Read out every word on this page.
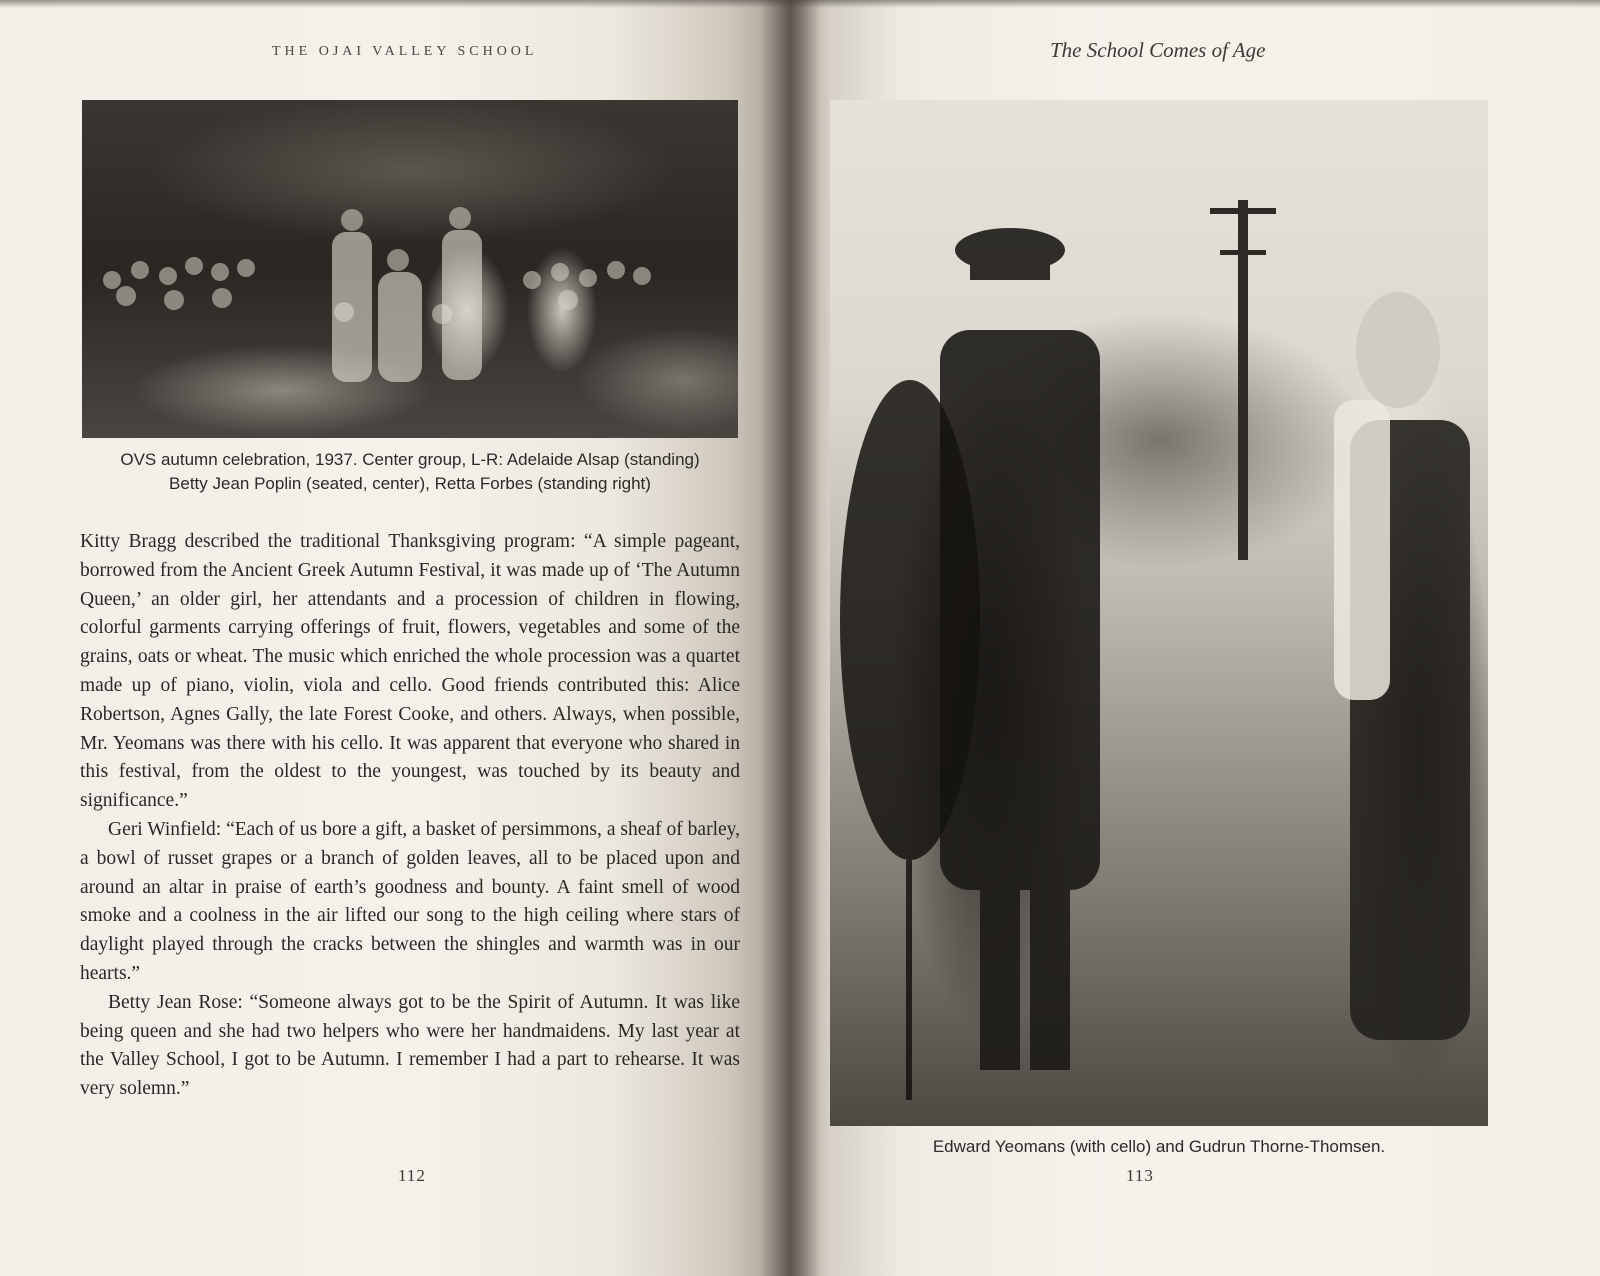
THE OJAI VALLEY SCHOOL
OVS autumn celebration, 1937. Center group, L-R: Adelaide Alsap (standing)
Betty Jean Poplin (seated, center), Retta Forbes (standing right)

Kitty Bragg described the traditional Thanksgiving program: “A simple pageant, borrowed from the Ancient Greek Autumn Festival, it was made up of ‘The Autumn Queen,’ an older girl, her attendants and a procession of children in flowing, colorful garments carrying offerings of fruit, flowers, vegetables and some of the grains, oats or wheat. The music which enriched the whole procession was a quartet made up of piano, violin, viola and cello. Good friends contributed this: Alice Robertson, Agnes Gally, the late Forest Cooke, and others. Always, when possible, Mr. Yeomans was there with his cello. It was apparent that everyone who shared in this festival, from the oldest to the youngest, was touched by its beauty and significance.”

Geri Winfield: “Each of us bore a gift, a basket of persimmons, a sheaf of barley, a bowl of russet grapes or a branch of golden leaves, all to be placed upon and around an altar in praise of earth’s goodness and bounty. A faint smell of wood smoke and a coolness in the air lifted our song to the high ceiling where stars of daylight played through the cracks between the shingles and warmth was in our hearts.”

Betty Jean Rose: “Someone always got to be the Spirit of Autumn. It was like being queen and she had two helpers who were her handmaidens. My last year at the Valley School, I got to be Autumn. I remember I had a part to rehearse. It was very solemn.”

112
The School Comes of Age
Edward Yeomans (with cello) and Gudrun Thorne-Thomsen.
113
